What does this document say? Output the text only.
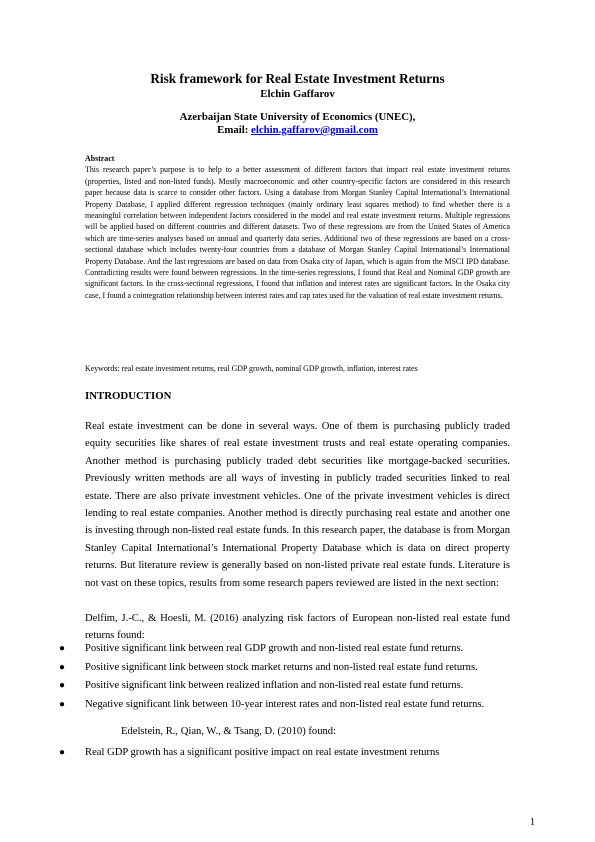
Risk framework for Real Estate Investment Returns
Elchin Gaffarov
Azerbaijan State University of Economics (UNEC),
Email: elchin.gaffarov@gmail.com
Abstract

This research paper’s purpose is to help to a better assessment of different factors that impact real estate investment returns (properties, listed and non-listed funds). Mostly macroeconomic and other country-specific factors are considered in this research paper because data is scarce to consider other factors. Using a database from Morgan Stanley Capital International’s International Property Database, I applied different regression techniques (mainly ordinary least squares method) to find whether there is a meaningful correlation between independent factors considered in the model and real estate investment returns. Multiple regressions will be applied based on different countries and different datasets. Two of these regressions are from the United States of America which are time-series analyses based on annual and quarterly data series. Additional two of these regressions are based on a cross-sectional database which includes twenty-four countries from a database of Morgan Stanley Capital International’s International Property Database. And the last regressions are based on data from Osaka city of Japan, which is again from the MSCI IPD database. Contradicting results were found between regressions. In the time-series regressions, I found that Real and Nominal GDP growth are significant factors. In the cross-sectional regressions, I found that inflation and interest rates are significant factors. In the Osaka city case, I found a cointegration relationship between interest rates and cap rates used for the valuation of real estate investment returns.

Keywords: real estate investment returns, real GDP growth, nominal GDP growth, inflation, interest rates
INTRODUCTION

Real estate investment can be done in several ways. One of them is purchasing publicly traded equity securities like shares of real estate investment trusts and real estate operating companies. Another method is purchasing publicly traded debt securities like mortgage-backed securities. Previously written methods are all ways of investing in publicly traded securities linked to real estate. There are also private investment vehicles. One of the private investment vehicles is direct lending to real estate companies. Another method is directly purchasing real estate and another one is investing through non-listed real estate funds. In this research paper, the database is from Morgan Stanley Capital International’s International Property Database which is data on direct property returns. But literature review is generally based on non-listed private real estate funds. Literature is not vast on these topics, results from some research papers reviewed are listed in the next section:

Delfim, J.-C., & Hoesli, M. (2016) analyzing risk factors of European non-listed real estate fund returns found:

● Positive significant link between real GDP growth and non-listed real estate fund returns.
● Positive significant link between stock market returns and non-listed real estate fund returns.
● Positive significant link between realized inflation and non-listed real estate fund returns.
● Negative significant link between 10-year interest rates and non-listed real estate fund returns.
Edelstein, R., Qian, W., & Tsang, D. (2010) found:
● Real GDP growth has a significant positive impact on real estate investment returns
1
